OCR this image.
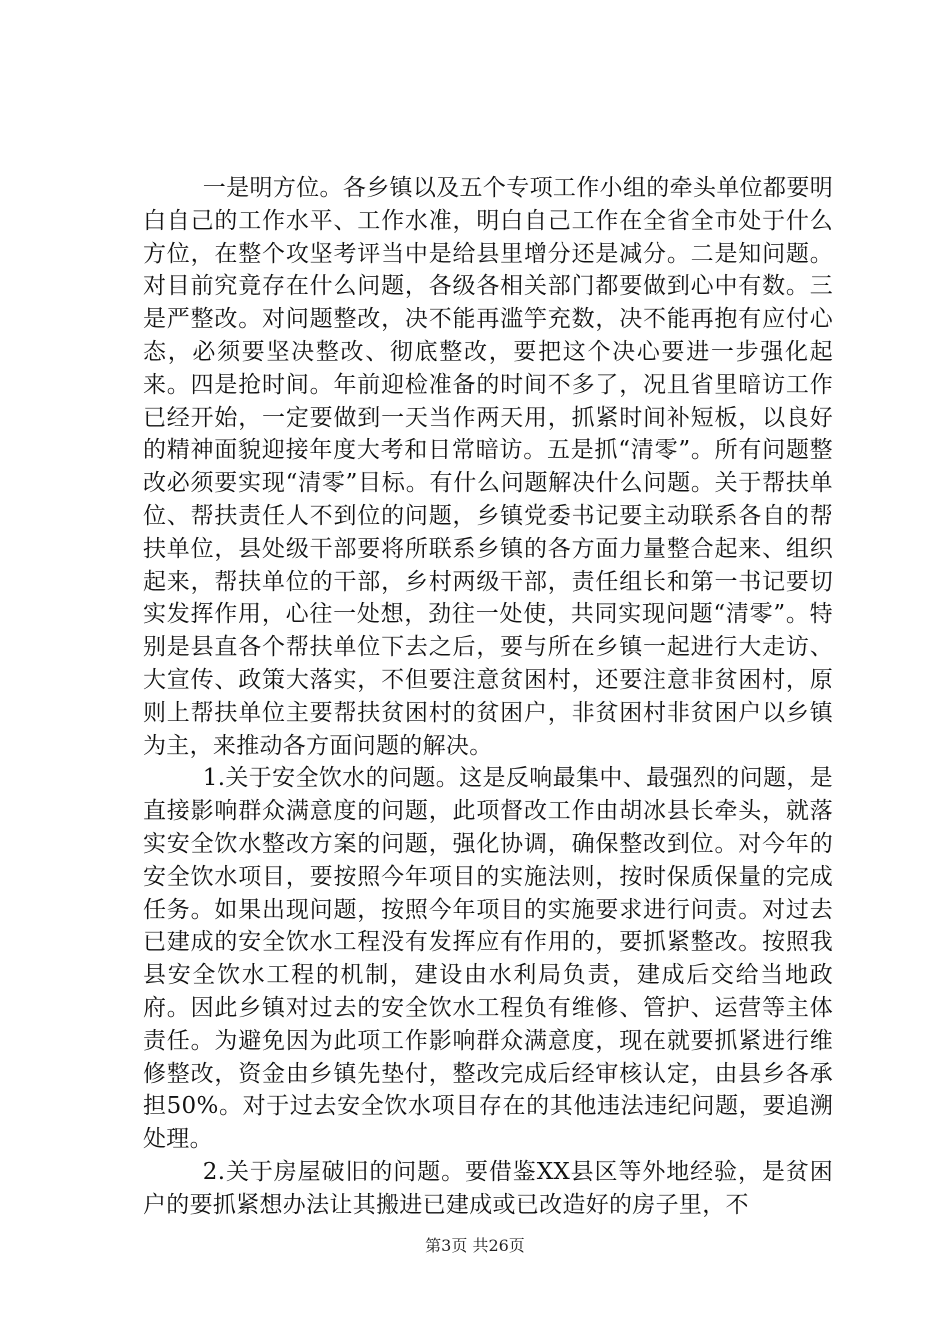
一是明方位。各乡镇以及五个专项工作小组的牵头单位都要明白自己的工作水平、工作水准，明白自己工作在全省全市处于什么方位，在整个攻坚考评当中是给县里增分还是减分。二是知问题。对目前究竟存在什么问题，各级各相关部门都要做到心中有数。三是严整改。对问题整改，决不能再滥竽充数，决不能再抱有应付心态，必须要坚决整改、彻底整改，要把这个决心要进一步强化起来。四是抢时间。年前迎检准备的时间不多了，况且省里暗访工作已经开始，一定要做到一天当作两天用，抓紧时间补短板，以良好的精神面貌迎接年度大考和日常暗访。五是抓“清零”。所有问题整改必须要实现“清零”目标。有什么问题解决什么问题。关于帮扶单位、帮扶责任人不到位的问题，乡镇党委书记要主动联系各自的帮扶单位，县处级干部要将所联系乡镇的各方面力量整合起来、组织起来，帮扶单位的干部，乡村两级干部，责任组长和第一书记要切实发挥作用，心往一处想，劲往一处使，共同实现问题“清零”。特别是县直各个帮扶单位下去之后，要与所在乡镇一起进行大走访、大宣传、政策大落实，不但要注意贫困村，还要注意非贫困村，原则上帮扶单位主要帮扶贫困村的贫困户，非贫困村非贫困户以乡镇为主，来推动各方面问题的解决。

1.关于安全饮水的问题。这是反响最集中、最强烈的问题，是直接影响群众满意度的问题，此项督改工作由胡冰县长牵头，就落实安全饮水整改方案的问题，强化协调，确保整改到位。对今年的安全饮水项目，要按照今年项目的实施法则，按时保质保量的完成任务。如果出现问题，按照今年项目的实施要求进行问责。对过去已建成的安全饮水工程没有发挥应有作用的，要抓紧整改。按照我县安全饮水工程的机制，建设由水利局负责，建成后交给当地政府。因此乡镇对过去的安全饮水工程负有维修、管护、运营等主体责任。为避免因为此项工作影响群众满意度，现在就要抓紧进行维修整改，资金由乡镇先垫付，整改完成后经审核认定，由县乡各承担50%。对于过去安全饮水项目存在的其他违法违纪问题，要追溯处理。

2.关于房屋破旧的问题。要借鉴XX县区等外地经验，是贫困户的要抓紧想办法让其搬进已建成或已改造好的房子里，不

第3页 共26页
